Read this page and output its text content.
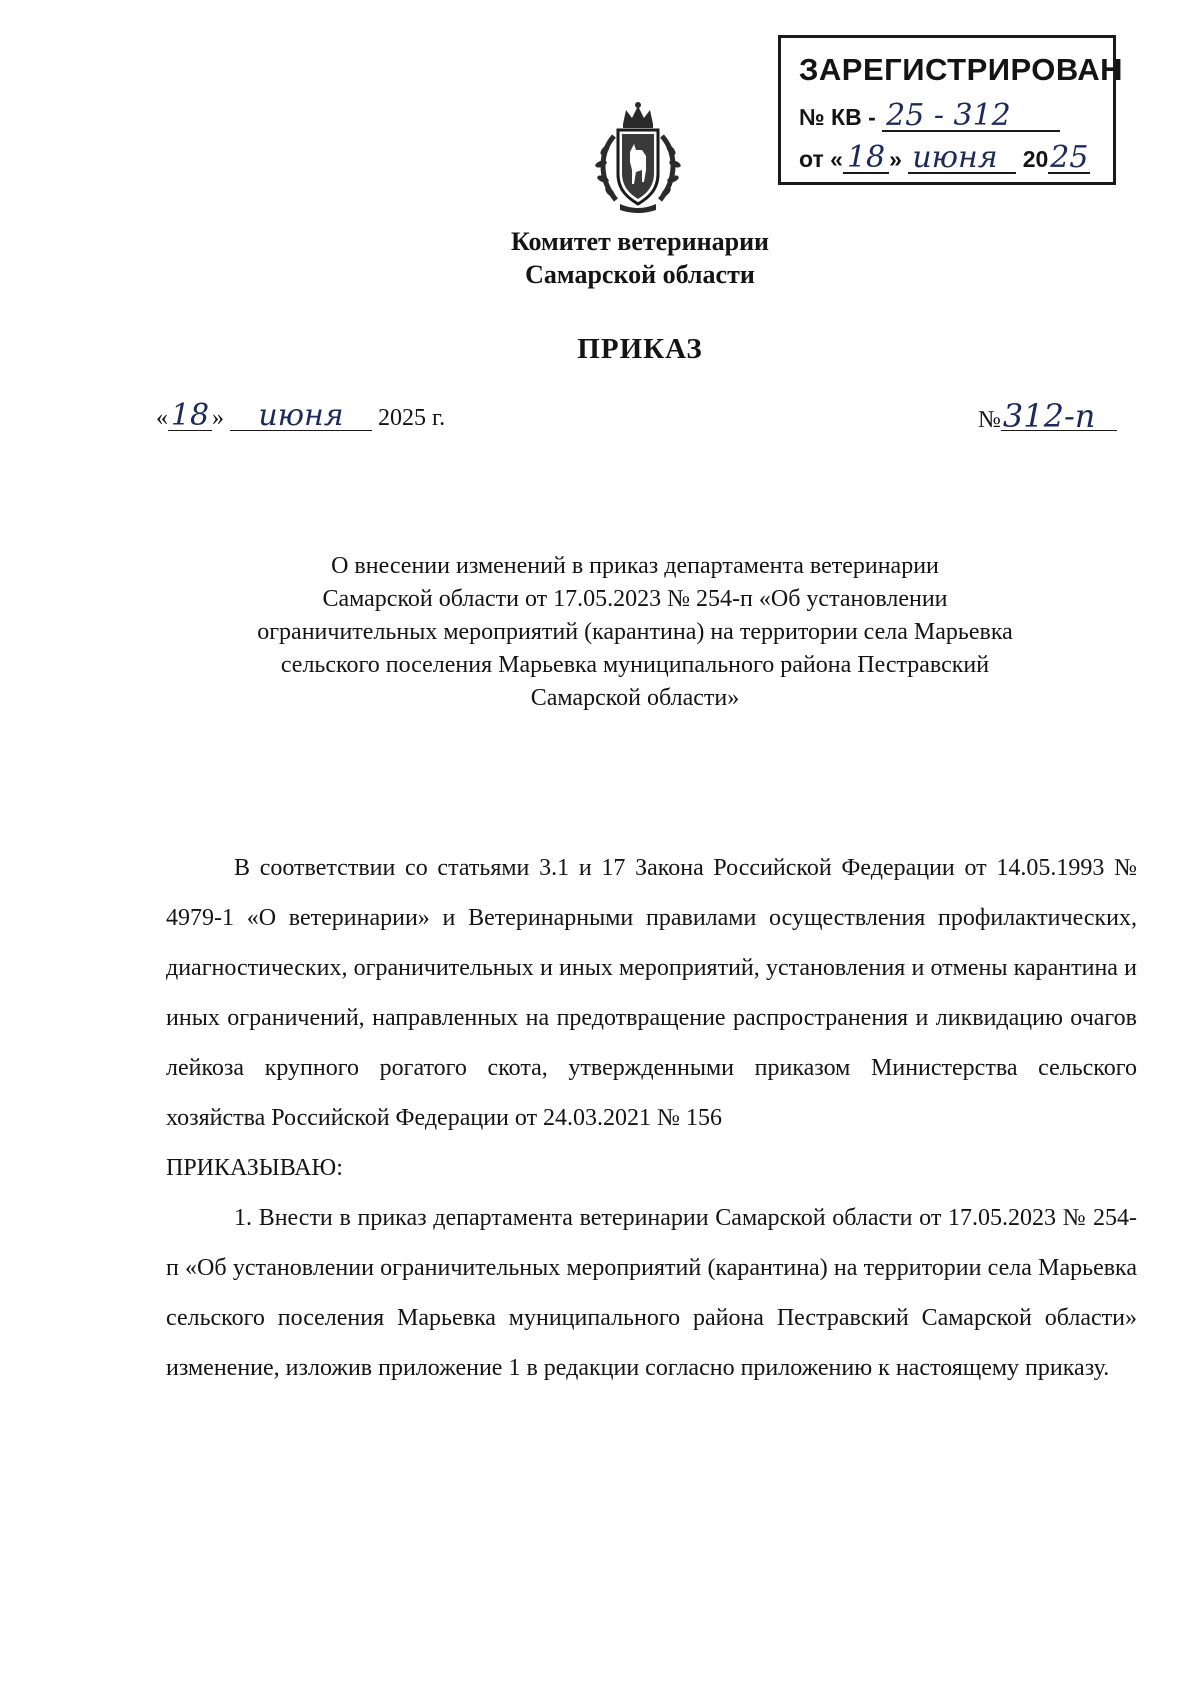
ЗАРЕГИСТРИРОВАН
№ КВ - 25 - 312
от « 18 » июня 2025
Комитет ветеринарии
Самарской области
ПРИКАЗ
«18 » июня 2025 г.	№312-п
О внесении изменений в приказ департамента ветеринарии
Самарской области от 17.05.2023 № 254-п «Об установлении
ограничительных мероприятий (карантина) на территории села Марьевка
сельского поселения Марьевка муниципального района Пестравский
Самарской области»

В соответствии со статьями 3.1 и 17 Закона Российской Федерации от 14.05.1993 № 4979-1 «О ветеринарии» и Ветеринарными правилами осуществления профилактических, диагностических, ограничительных и иных мероприятий, установления и отмены карантина и иных ограничений, направленных на предотвращение распространения и ликвидацию очагов лейкоза крупного рогатого скота, утвержденными приказом Министерства сельского хозяйства Российской Федерации от 24.03.2021 № 156

ПРИКАЗЫВАЮ:

1. Внести в приказ департамента ветеринарии Самарской области от 17.05.2023 № 254-п «Об установлении ограничительных мероприятий (карантина) на территории села Марьевка сельского поселения Марьевка муниципального района Пестравский Самарской области» изменение, изложив приложение 1 в редакции согласно приложению к настоящему приказу.
